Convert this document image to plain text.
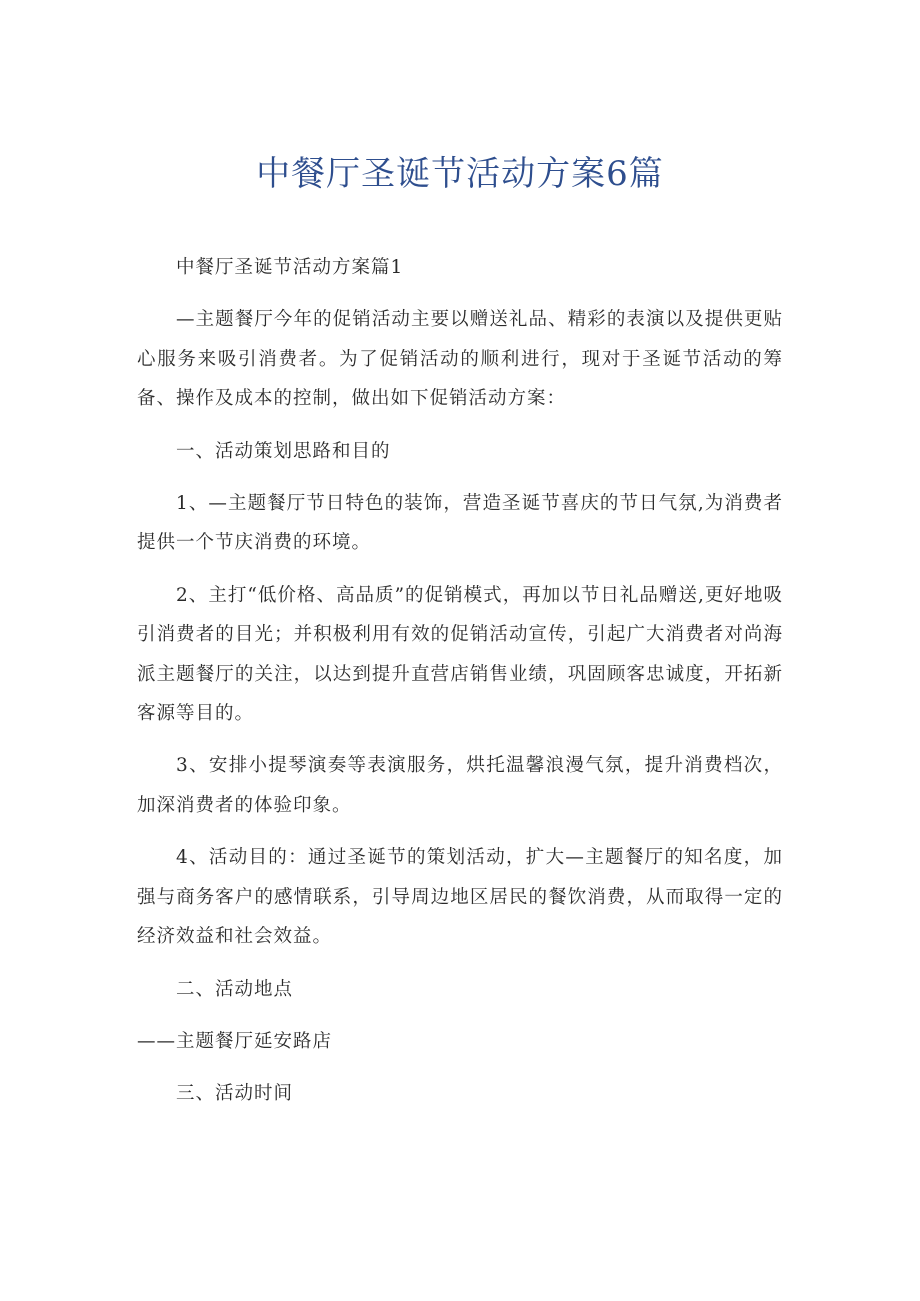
中餐厅圣诞节活动方案6篇

中餐厅圣诞节活动方案篇1

—主题餐厅今年的促销活动主要以赠送礼品、精彩的表演以及提供更贴心服务来吸引消费者。为了促销活动的顺利进行，现对于圣诞节活动的筹备、操作及成本的控制，做出如下促销活动方案：

一、活动策划思路和目的

1、—主题餐厅节日特色的装饰，营造圣诞节喜庆的节日气氛,为消费者提供一个节庆消费的环境。

2、主打“低价格、高品质”的促销模式，再加以节日礼品赠送,更好地吸引消费者的目光；并积极利用有效的促销活动宣传，引起广大消费者对尚海派主题餐厅的关注，以达到提升直营店销售业绩，巩固顾客忠诚度，开拓新客源等目的。

3、安排小提琴演奏等表演服务，烘托温馨浪漫气氛，提升消费档次，加深消费者的体验印象。

4、活动目的：通过圣诞节的策划活动，扩大—主题餐厅的知名度，加强与商务客户的感情联系，引导周边地区居民的餐饮消费，从而取得一定的经济效益和社会效益。

二、活动地点

——主题餐厅延安路店

三、活动时间
